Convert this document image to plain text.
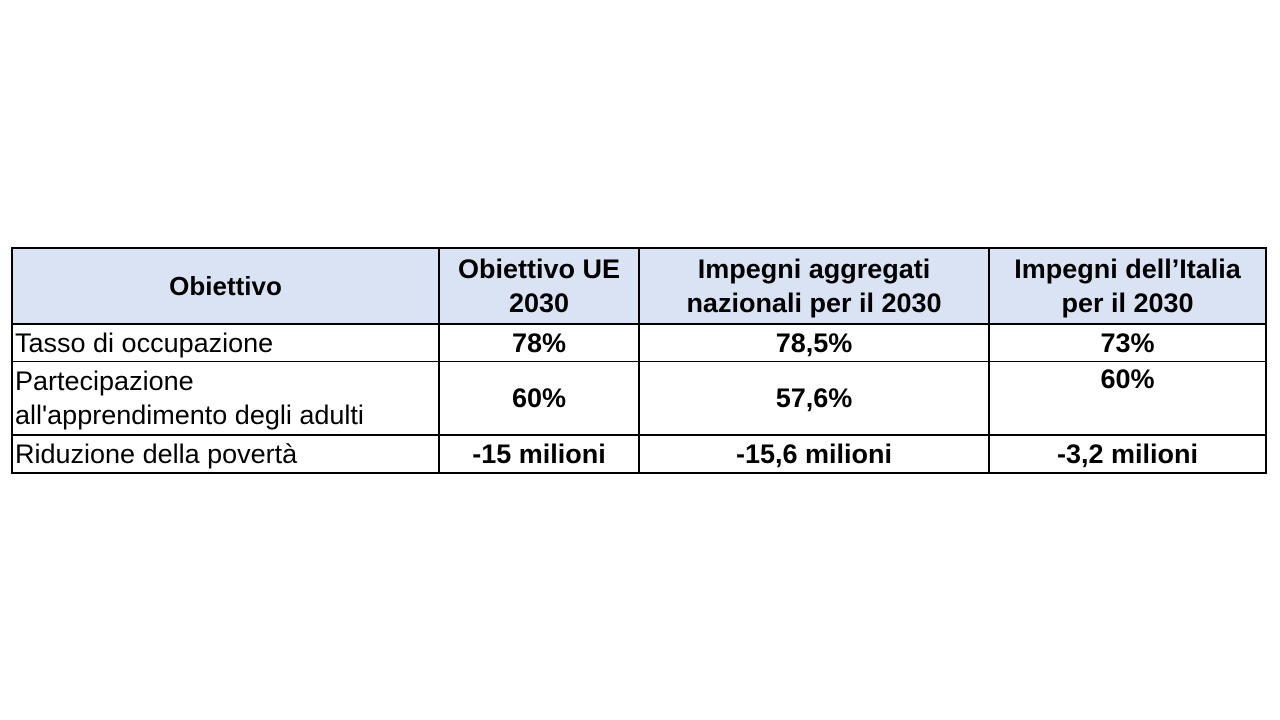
Obiettivo	Obiettivo UE 2030	Impegni aggregati nazionali per il 2030	Impegni dell’Italia per il 2030
Tasso di occupazione	78%	78,5%	73%

Partecipazione
all'apprendimento degli adulti	60%	57,6%	60%
Riduzione della povertà	-15 milioni	-15,6 milioni	-3,2 milioni
